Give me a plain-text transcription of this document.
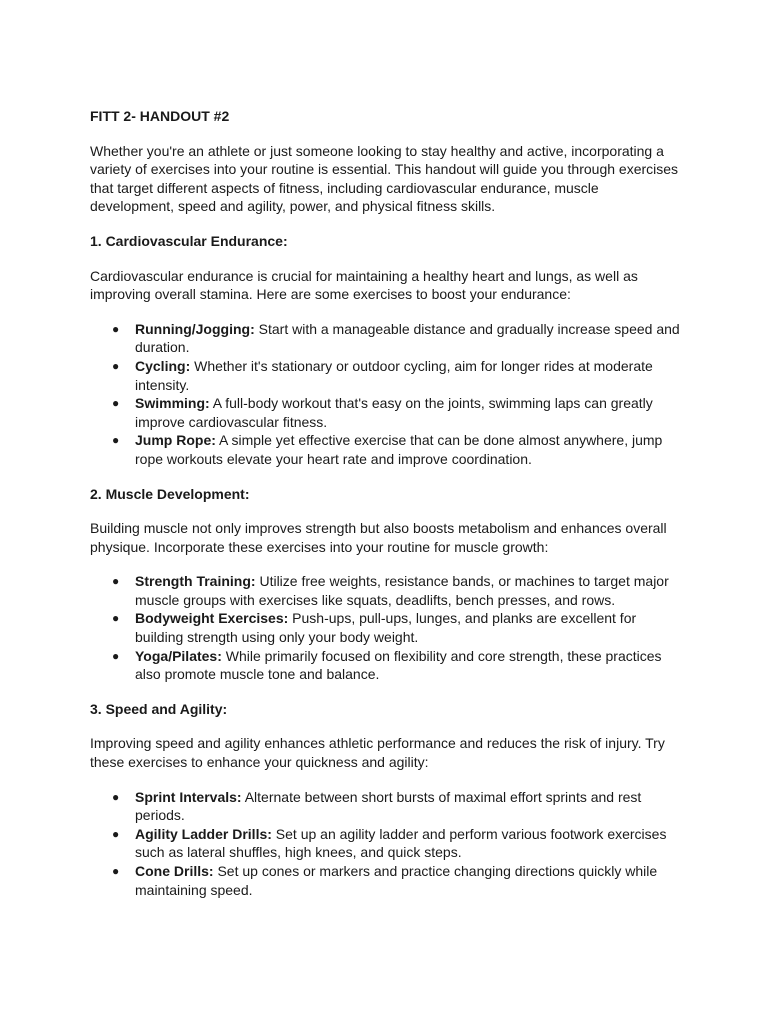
FITT 2- HANDOUT #2

Whether you're an athlete or just someone looking to stay healthy and active, incorporating a variety of exercises into your routine is essential. This handout will guide you through exercises that target different aspects of fitness, including cardiovascular endurance, muscle development, speed and agility, power, and physical fitness skills.

1. Cardiovascular Endurance:

Cardiovascular endurance is crucial for maintaining a healthy heart and lungs, as well as improving overall stamina. Here are some exercises to boost your endurance:

● Running/Jogging: Start with a manageable distance and gradually increase speed and duration.
● Cycling: Whether it's stationary or outdoor cycling, aim for longer rides at moderate intensity.
● Swimming: A full-body workout that's easy on the joints, swimming laps can greatly improve cardiovascular fitness.
● Jump Rope: A simple yet effective exercise that can be done almost anywhere, jump rope workouts elevate your heart rate and improve coordination.

2. Muscle Development:

Building muscle not only improves strength but also boosts metabolism and enhances overall physique. Incorporate these exercises into your routine for muscle growth:

● Strength Training: Utilize free weights, resistance bands, or machines to target major muscle groups with exercises like squats, deadlifts, bench presses, and rows.
● Bodyweight Exercises: Push-ups, pull-ups, lunges, and planks are excellent for building strength using only your body weight.
● Yoga/Pilates: While primarily focused on flexibility and core strength, these practices also promote muscle tone and balance.

3. Speed and Agility:

Improving speed and agility enhances athletic performance and reduces the risk of injury. Try these exercises to enhance your quickness and agility:

● Sprint Intervals: Alternate between short bursts of maximal effort sprints and rest periods.
● Agility Ladder Drills: Set up an agility ladder and perform various footwork exercises such as lateral shuffles, high knees, and quick steps.
● Cone Drills: Set up cones or markers and practice changing directions quickly while maintaining speed.
